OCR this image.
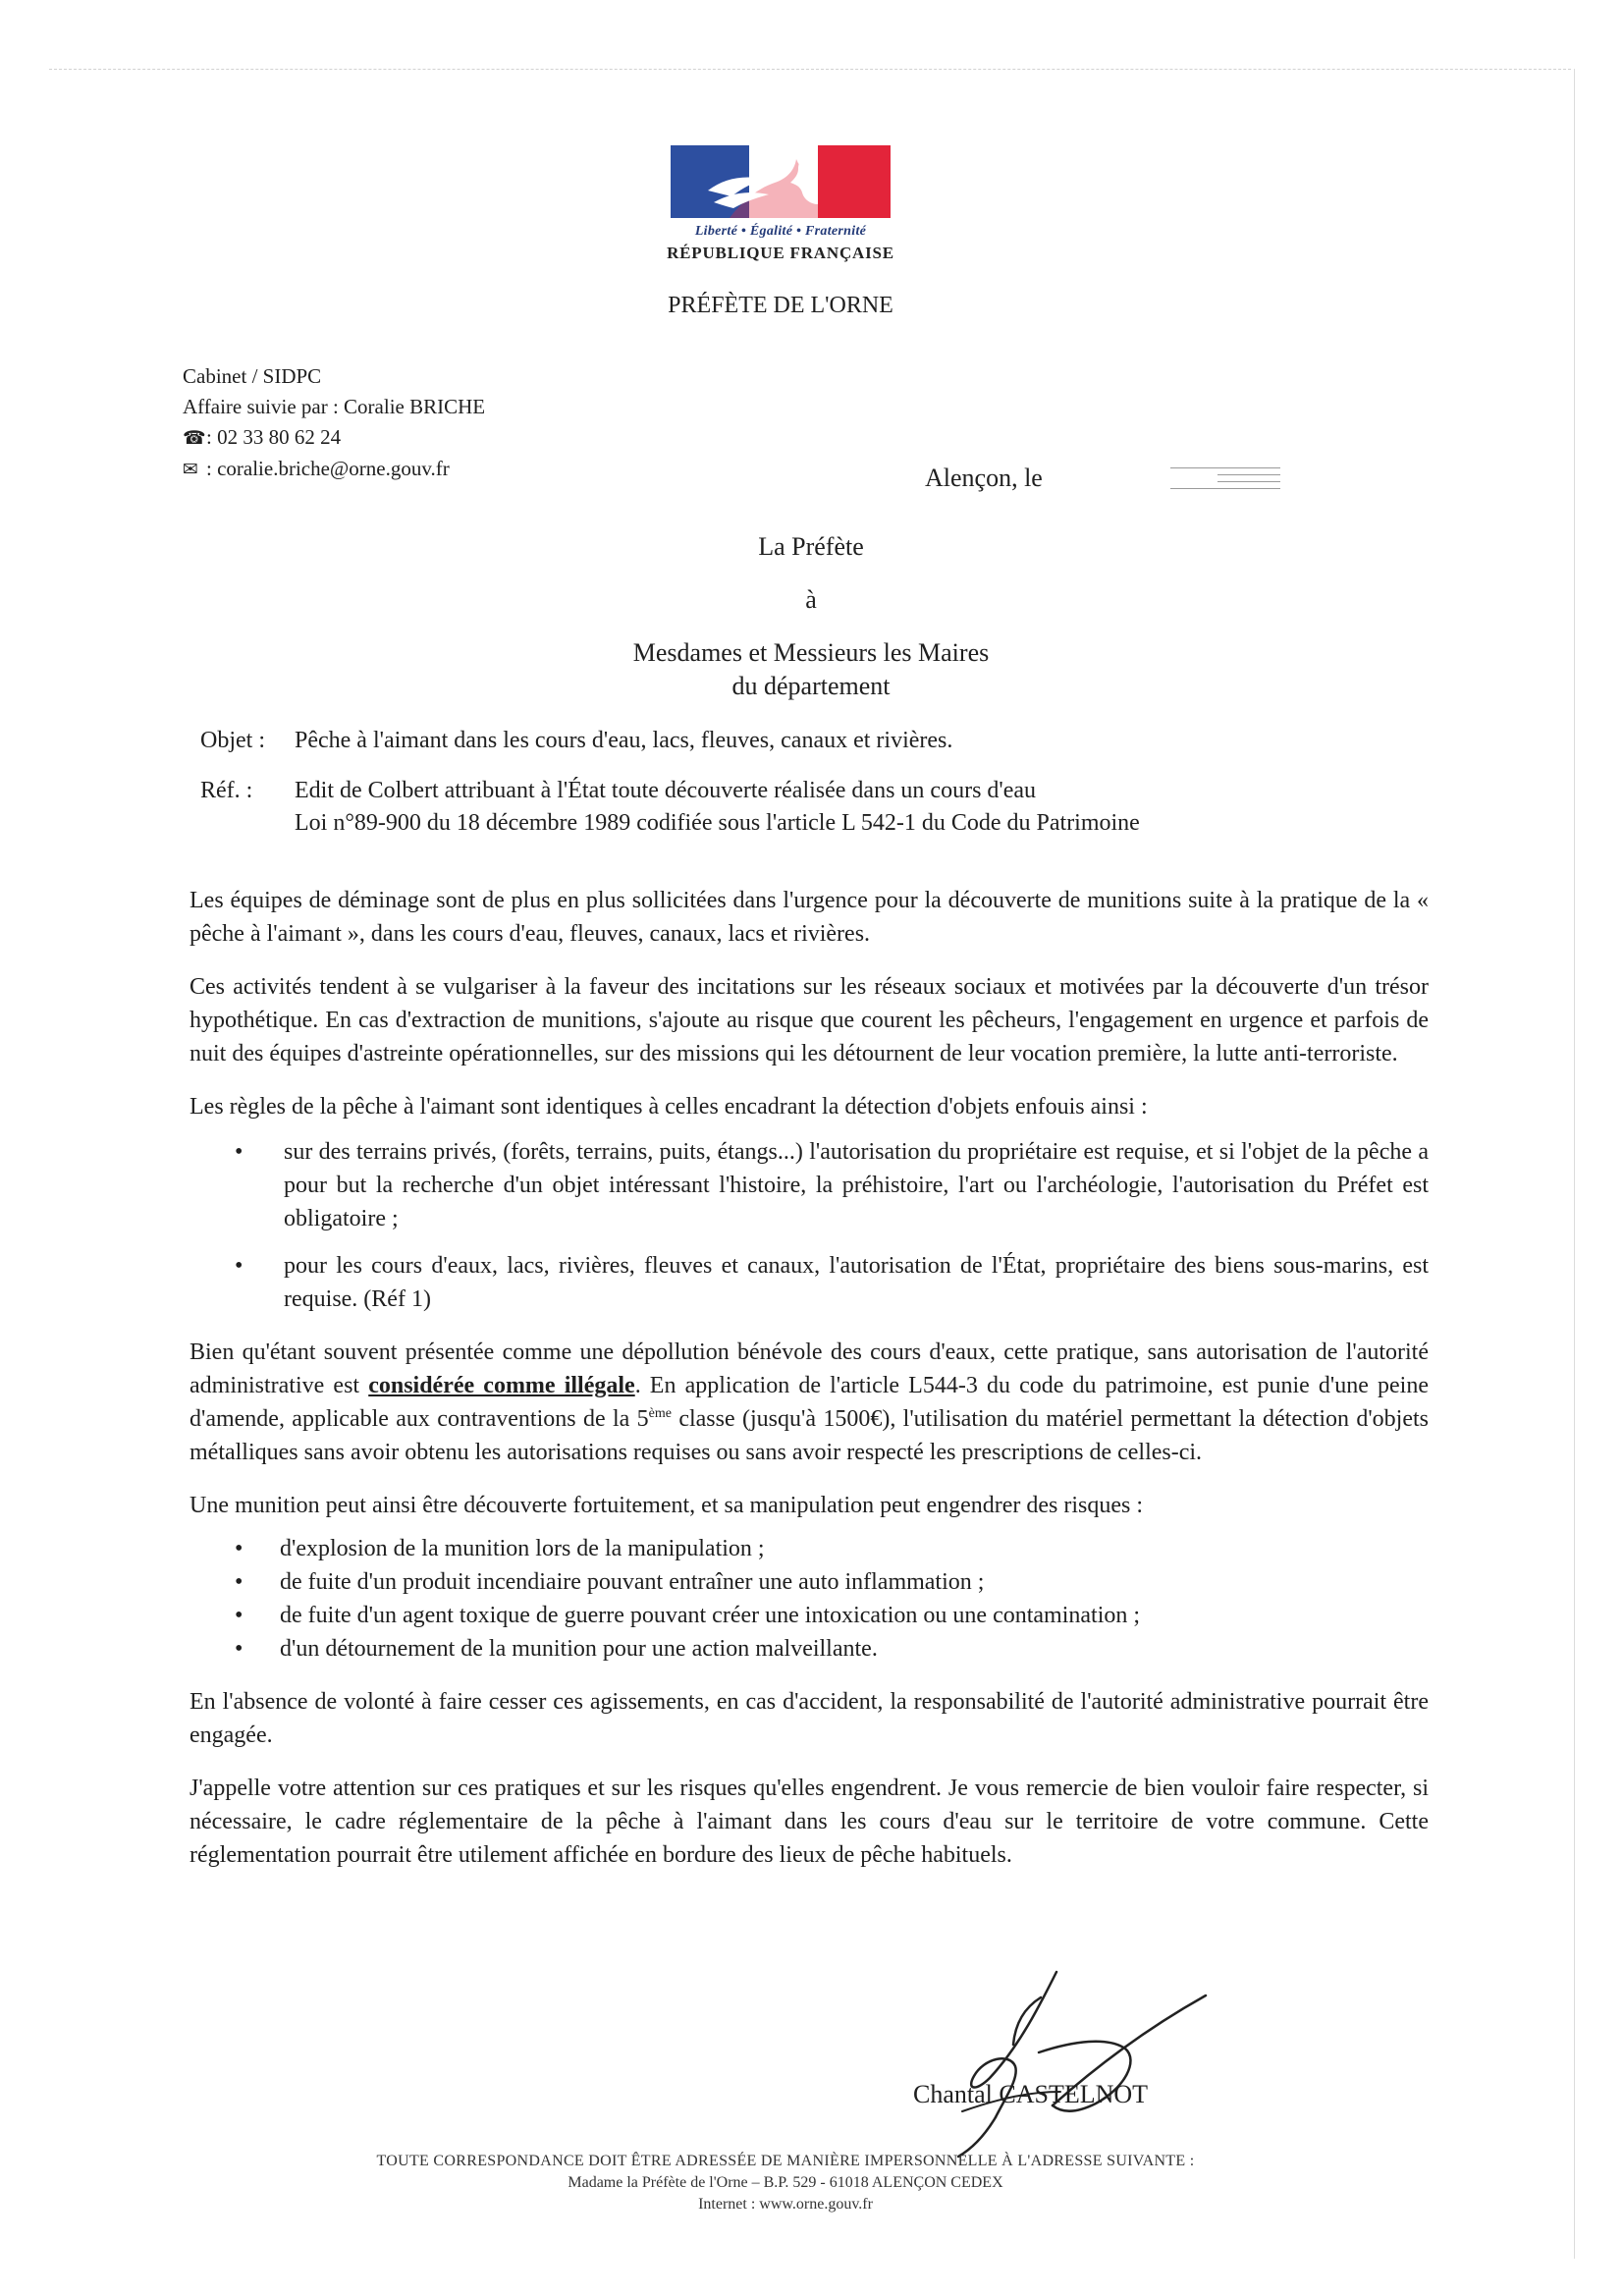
Liberté • Égalité • Fraternité
RÉPUBLIQUE FRANÇAISE
PRÉFÈTE DE L'ORNE
Cabinet / SIDPC
Affaire suivie par : Coralie BRICHE
☎: 02 33 80 62 24
✉ : coralie.briche@orne.gouv.fr	Alençon, le
La Préfète
à
Mesdames et Messieurs les Maires
du département
Objet :	Pêche à l'aimant dans les cours d'eau, lacs, fleuves, canaux et rivières.
Réf. :	Edit de Colbert attribuant à l'État toute découverte réalisée dans un cours d'eau
Loi n°89-900 du 18 décembre 1989 codifiée sous l'article L 542-1 du Code du Patrimoine

Les équipes de déminage sont de plus en plus sollicitées dans l'urgence pour la découverte de munitions suite à la pratique de la « pêche à l'aimant », dans les cours d'eau, fleuves, canaux, lacs et rivières.

Ces activités tendent à se vulgariser à la faveur des incitations sur les réseaux sociaux et motivées par la découverte d'un trésor hypothétique. En cas d'extraction de munitions, s'ajoute au risque que courent les pêcheurs, l'engagement en urgence et parfois de nuit des équipes d'astreinte opérationnelles, sur des missions qui les détournent de leur vocation première, la lutte anti-terroriste.

Les règles de la pêche à l'aimant sont identiques à celles encadrant la détection d'objets enfouis ainsi :

• sur des terrains privés, (forêts, terrains, puits, étangs...) l'autorisation du propriétaire est requise, et si l'objet de la pêche a pour but la recherche d'un objet intéressant l'histoire, la préhistoire, l'art ou l'archéologie, l'autorisation du Préfet est obligatoire ;
• pour les cours d'eaux, lacs, rivières, fleuves et canaux, l'autorisation de l'État, propriétaire des biens sous-marins, est requise. (Réf 1)

Bien qu'étant souvent présentée comme une dépollution bénévole des cours d'eaux, cette pratique, sans autorisation de l'autorité administrative est considérée comme illégale. En application de l'article L544-3 du code du patrimoine, est punie d'une peine d'amende, applicable aux contraventions de la 5ème classe (jusqu'à 1500€), l'utilisation du matériel permettant la détection d'objets métalliques sans avoir obtenu les autorisations requises ou sans avoir respecté les prescriptions de celles-ci.

Une munition peut ainsi être découverte fortuitement, et sa manipulation peut engendrer des risques :

• d'explosion de la munition lors de la manipulation ;
• de fuite d'un produit incendiaire pouvant entraîner une auto inflammation ;
• de fuite d'un agent toxique de guerre pouvant créer une intoxication ou une contamination ;
• d'un détournement de la munition pour une action malveillante.

En l'absence de volonté à faire cesser ces agissements, en cas d'accident, la responsabilité de l'autorité administrative pourrait être engagée.

J'appelle votre attention sur ces pratiques et sur les risques qu'elles engendrent. Je vous remercie de bien vouloir faire respecter, si nécessaire, le cadre réglementaire de la pêche à l'aimant dans les cours d'eau sur le territoire de votre commune. Cette réglementation pourrait être utilement affichée en bordure des lieux de pêche habituels.

Chantal CASTELNOT
TOUTE CORRESPONDANCE DOIT ÊTRE ADRESSÉE DE MANIÈRE IMPERSONNELLE À L'ADRESSE SUIVANTE :
Madame la Préfète de l'Orne – B.P. 529 - 61018 ALENÇON CEDEX
Internet : www.orne.gouv.fr
